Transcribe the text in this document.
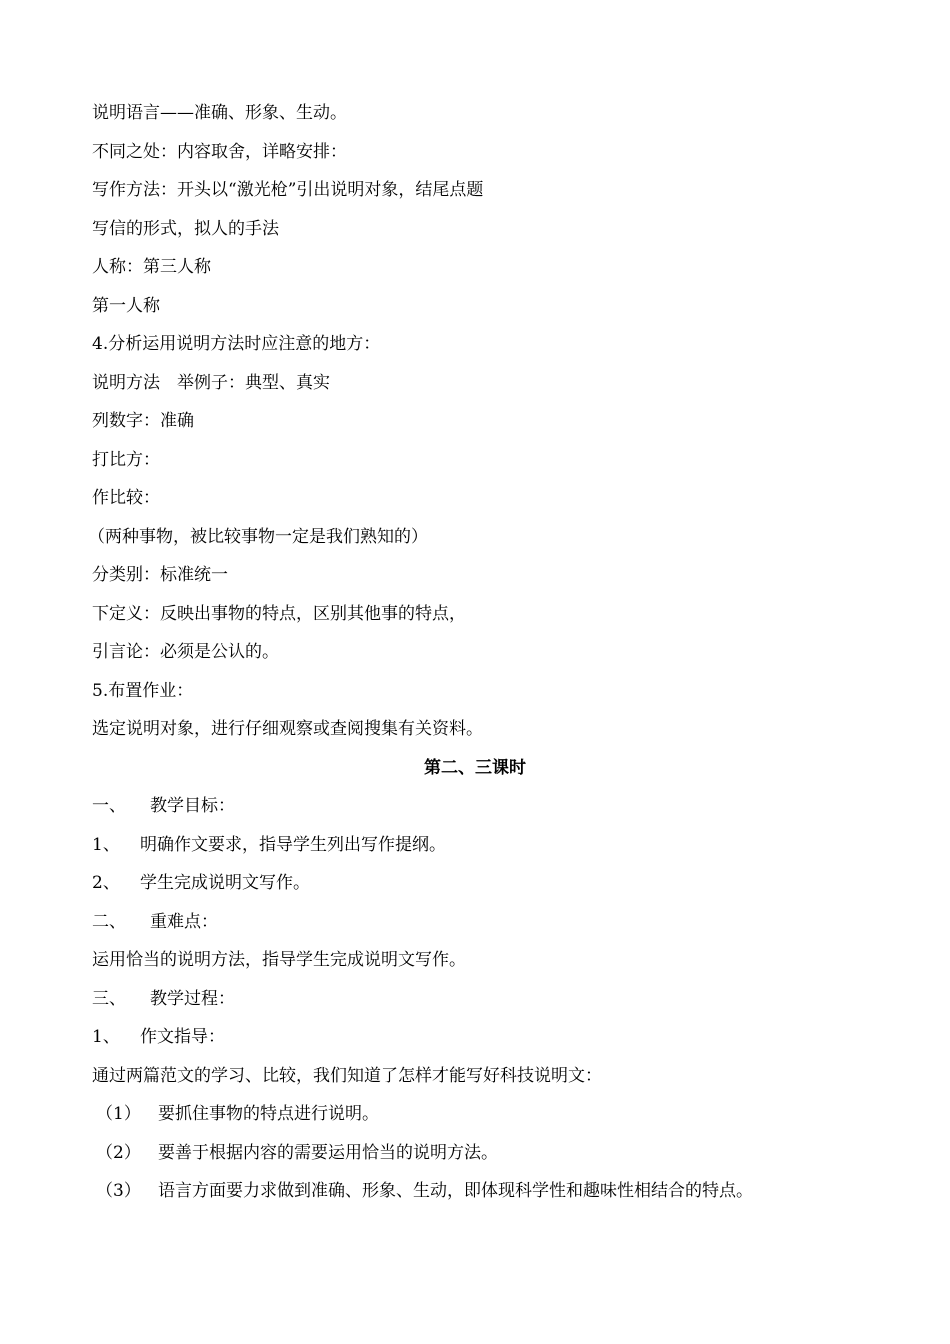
说明语言——准确、形象、生动。
不同之处：内容取舍，详略安排：
写作方法：开头以“激光枪”引出说明对象，结尾点题
写信的形式，拟人的手法
人称：第三人称
第一人称
4.分析运用说明方法时应注意的地方：
说明方法　举例子：典型、真实
列数字：准确
打比方：
作比较：
（两种事物，被比较事物一定是我们熟知的）
分类别：标准统一
下定义：反映出事物的特点，区别其他事的特点，
引言论：必须是公认的。
5.布置作业：
选定说明对象，进行仔细观察或查阅搜集有关资料。
第二、三课时
一、 教学目标：
1、 明确作文要求，指导学生列出写作提纲。
2、 学生完成说明文写作。
二、 重难点：
运用恰当的说明方法，指导学生完成说明文写作。
三、 教学过程：
1、 作文指导：
通过两篇范文的学习、比较，我们知道了怎样才能写好科技说明文：
（1） 要抓住事物的特点进行说明。
（2） 要善于根据内容的需要运用恰当的说明方法。
（3） 语言方面要力求做到准确、形象、生动，即体现科学性和趣味性相结合的特点。
